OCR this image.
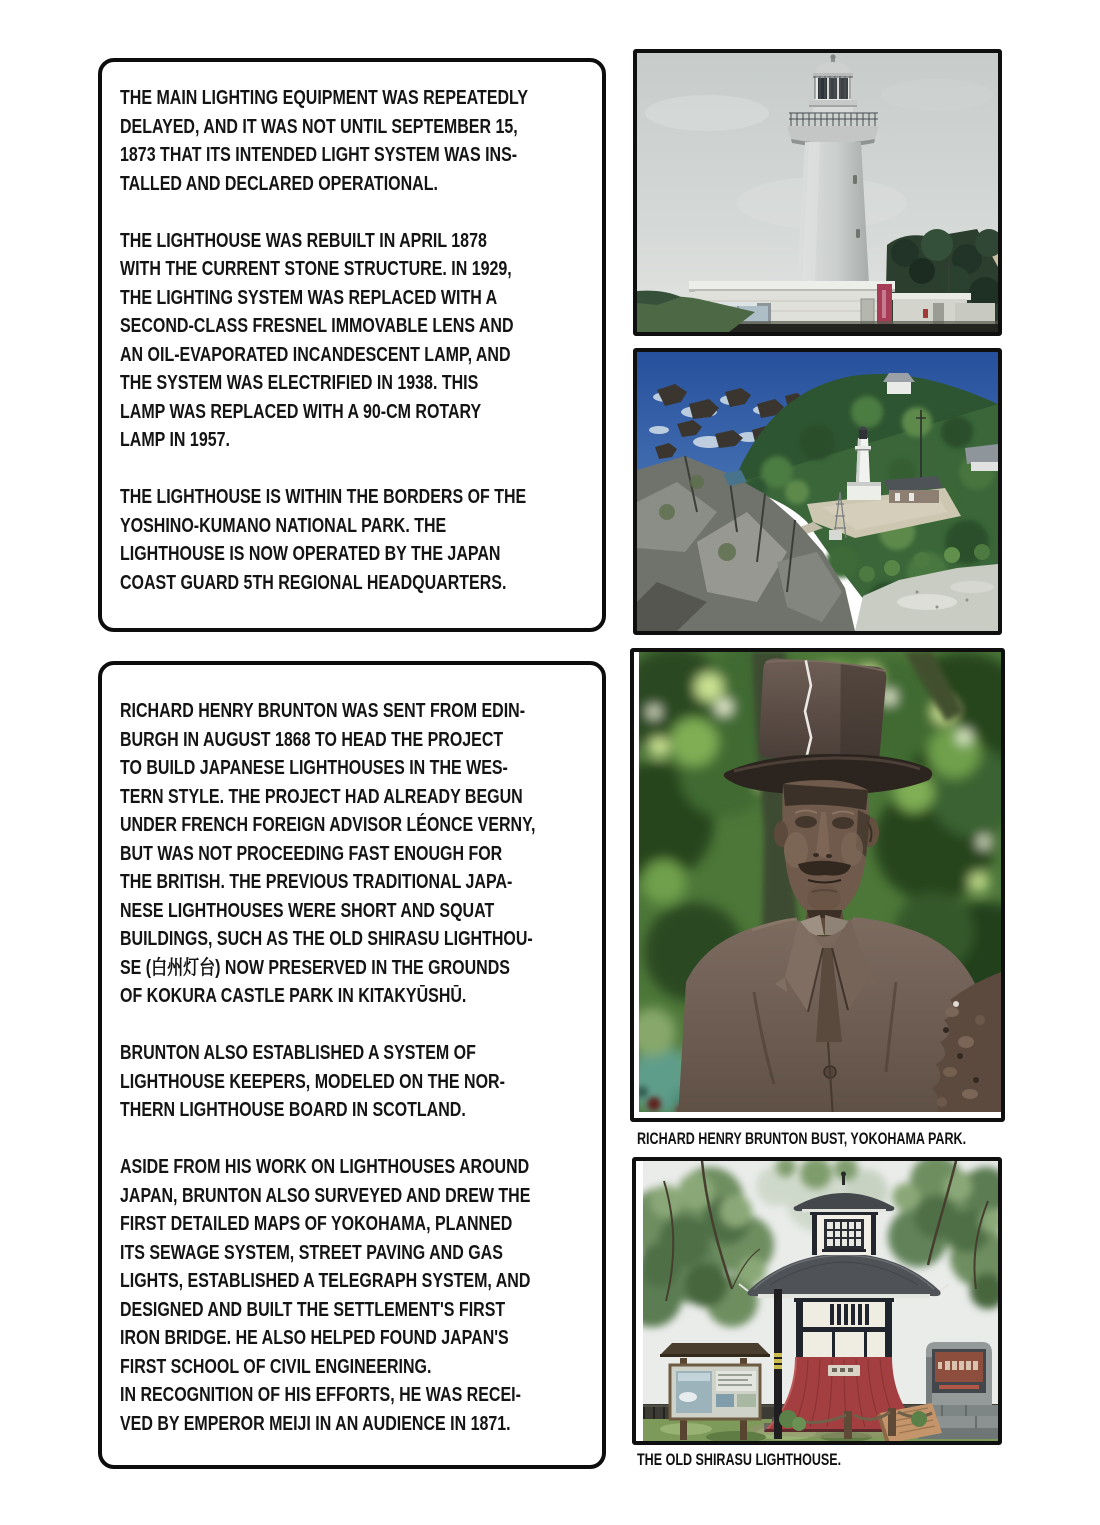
THE MAIN LIGHTING EQUIPMENT WAS REPEATEDLY
DELAYED, AND IT WAS NOT UNTIL SEPTEMBER 15,
1873 THAT ITS INTENDED LIGHT SYSTEM WAS INS-
TALLED AND DECLARED OPERATIONAL.
THE LIGHTHOUSE WAS REBUILT IN APRIL 1878
WITH THE CURRENT STONE STRUCTURE. IN 1929,
THE LIGHTING SYSTEM WAS REPLACED WITH A
SECOND-CLASS FRESNEL IMMOVABLE LENS AND
AN OIL-EVAPORATED INCANDESCENT LAMP, AND
THE SYSTEM WAS ELECTRIFIED IN 1938. THIS
LAMP WAS REPLACED WITH A 90-CM ROTARY
LAMP IN 1957.
THE LIGHTHOUSE IS WITHIN THE BORDERS OF THE
YOSHINO-KUMANO NATIONAL PARK. THE
LIGHTHOUSE IS NOW OPERATED BY THE JAPAN
COAST GUARD 5TH REGIONAL HEADQUARTERS.
RICHARD HENRY BRUNTON WAS SENT FROM EDIN-
BURGH IN AUGUST 1868 TO HEAD THE PROJECT
TO BUILD JAPANESE LIGHTHOUSES IN THE WES-
TERN STYLE. THE PROJECT HAD ALREADY BEGUN
UNDER FRENCH FOREIGN ADVISOR LÉONCE VERNY,
BUT WAS NOT PROCEEDING FAST ENOUGH FOR
THE BRITISH. THE PREVIOUS TRADITIONAL JAPA-
NESE LIGHTHOUSES WERE SHORT AND SQUAT
BUILDINGS, SUCH AS THE OLD SHIRASU LIGHTHOU-
SE (白州灯台) NOW PRESERVED IN THE GROUNDS
OF KOKURA CASTLE PARK IN KITAKYŪSHŪ.
BRUNTON ALSO ESTABLISHED A SYSTEM OF
LIGHTHOUSE KEEPERS, MODELED ON THE NOR-
THERN LIGHTHOUSE BOARD IN SCOTLAND.
ASIDE FROM HIS WORK ON LIGHTHOUSES AROUND
JAPAN, BRUNTON ALSO SURVEYED AND DREW THE
FIRST DETAILED MAPS OF YOKOHAMA, PLANNED
ITS SEWAGE SYSTEM, STREET PAVING AND GAS
LIGHTS, ESTABLISHED A TELEGRAPH SYSTEM, AND
DESIGNED AND BUILT THE SETTLEMENT'S FIRST
IRON BRIDGE. HE ALSO HELPED FOUND JAPAN'S
FIRST SCHOOL OF CIVIL ENGINEERING.
IN RECOGNITION OF HIS EFFORTS, HE WAS RECEI-
VED BY EMPEROR MEIJI IN AN AUDIENCE IN 1871.
RICHARD HENRY BRUNTON BUST, YOKOHAMA PARK.
THE OLD SHIRASU LIGHTHOUSE.
